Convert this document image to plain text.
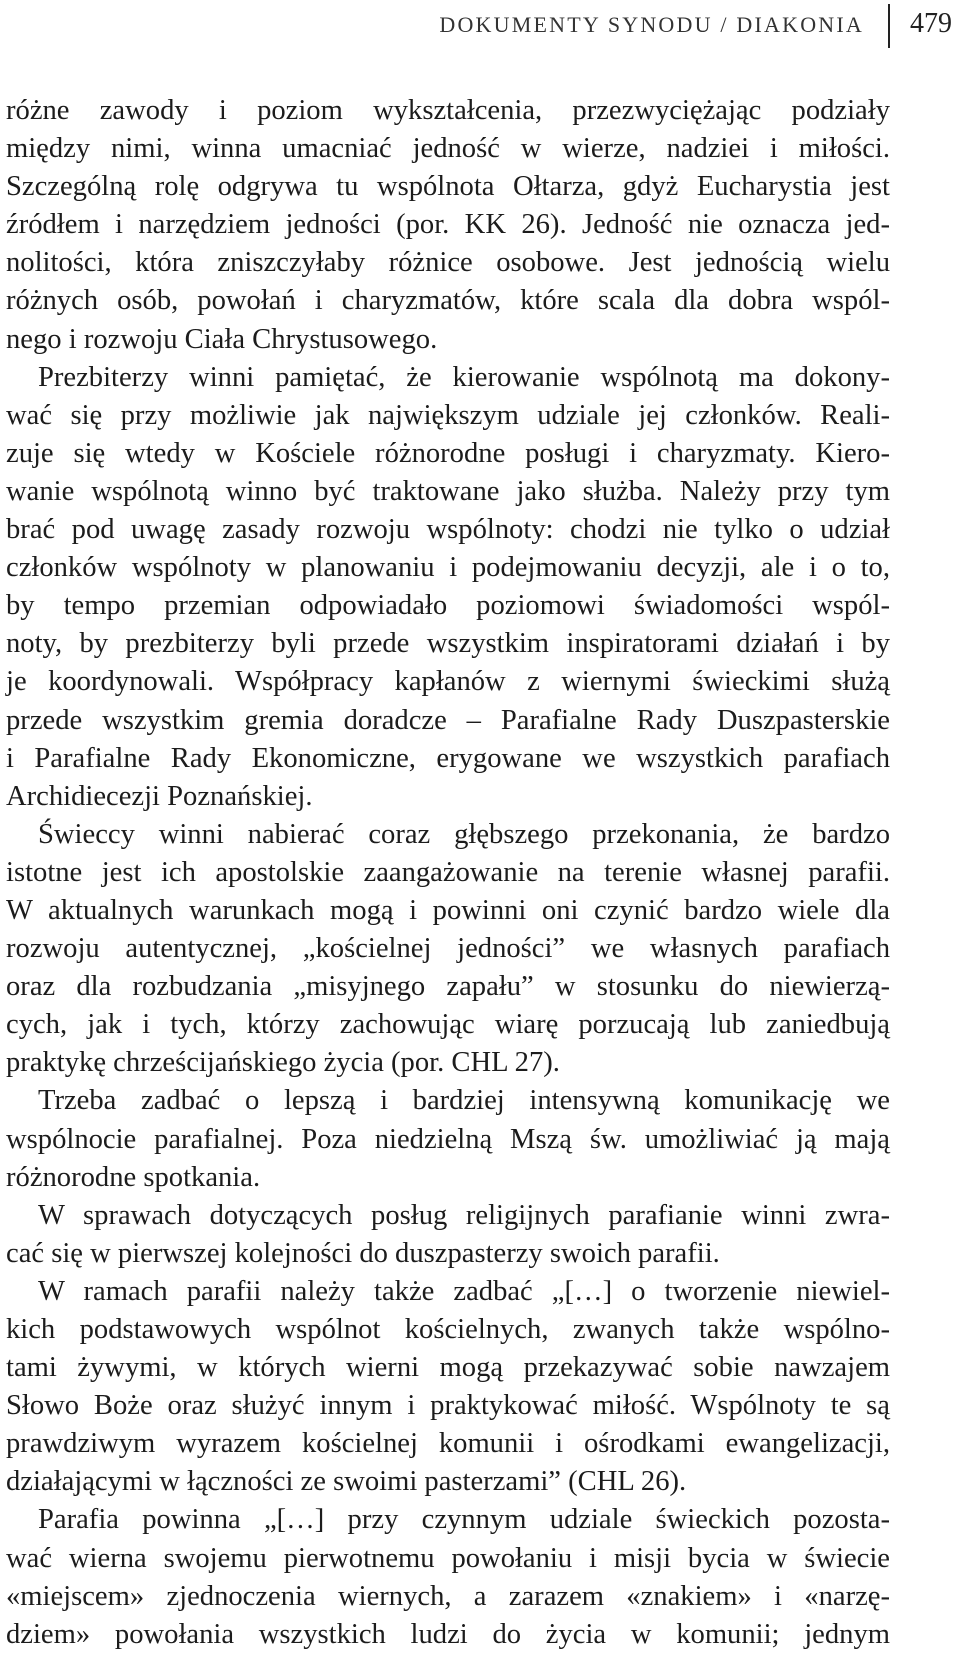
DOKUMENTY SYNODU / DIAKONIA 479

różne zawody i poziom wykształcenia, przezwyciężając podziały

między nimi, winna umacniać jedność w wierze, nadziei i miłości.

Szczególną rolę odgrywa tu wspólnota Ołtarza, gdyż Eucharystia jest

źródłem i narzędziem jedności (por. KK 26). Jedność nie oznacza jed-

nolitości, która zniszczyłaby różnice osobowe. Jest jednością wielu

różnych osób, powołań i charyzmatów, które scala dla dobra wspól-

nego i rozwoju Ciała Chrystusowego.

Prezbiterzy winni pamiętać, że kierowanie wspólnotą ma dokony-

wać się przy możliwie jak największym udziale jej członków. Reali-

zuje się wtedy w Kościele różnorodne posługi i charyzmaty. Kiero-

wanie wspólnotą winno być traktowane jako służba. Należy przy tym

brać pod uwagę zasady rozwoju wspólnoty: chodzi nie tylko o udział

członków wspólnoty w planowaniu i podejmowaniu decyzji, ale i o to,

by tempo przemian odpowiadało poziomowi świadomości wspól-

noty, by prezbiterzy byli przede wszystkim inspiratorami działań i by

je koordynowali. Współpracy kapłanów z wiernymi świeckimi służą

przede wszystkim gremia doradcze – Parafialne Rady Duszpasterskie

i Parafialne Rady Ekonomiczne, erygowane we wszystkich parafiach

Archidiecezji Poznańskiej.

Świeccy winni nabierać coraz głębszego przekonania, że bardzo

istotne jest ich apostolskie zaangażowanie na terenie własnej parafii.

W aktualnych warunkach mogą i powinni oni czynić bardzo wiele dla

rozwoju autentycznej, „kościelnej jedności” we własnych parafiach

oraz dla rozbudzania „misyjnego zapału” w stosunku do niewierzą-

cych, jak i tych, którzy zachowując wiarę porzucają lub zaniedbują

praktykę chrześcijańskiego życia (por. CHL 27).

Trzeba zadbać o lepszą i bardziej intensywną komunikację we

wspólnocie parafialnej. Poza niedzielną Mszą św. umożliwiać ją mają

różnorodne spotkania.

W sprawach dotyczących posług religijnych parafianie winni zwra-

cać się w pierwszej kolejności do duszpasterzy swoich parafii.

W ramach parafii należy także zadbać „[…] o tworzenie niewiel-

kich podstawowych wspólnot kościelnych, zwanych także wspólno-

tami żywymi, w których wierni mogą przekazywać sobie nawzajem

Słowo Boże oraz służyć innym i praktykować miłość. Wspólnoty te są

prawdziwym wyrazem kościelnej komunii i ośrodkami ewangelizacji,

działającymi w łączności ze swoimi pasterzami” (CHL 26).

Parafia powinna „[…] przy czynnym udziale świeckich pozosta-

wać wierna swojemu pierwotnemu powołaniu i misji bycia w świecie

«miejscem» zjednoczenia wiernych, a zarazem «znakiem» i «narzę-

dziem» powołania wszystkich ludzi do życia w komunii; jednym
